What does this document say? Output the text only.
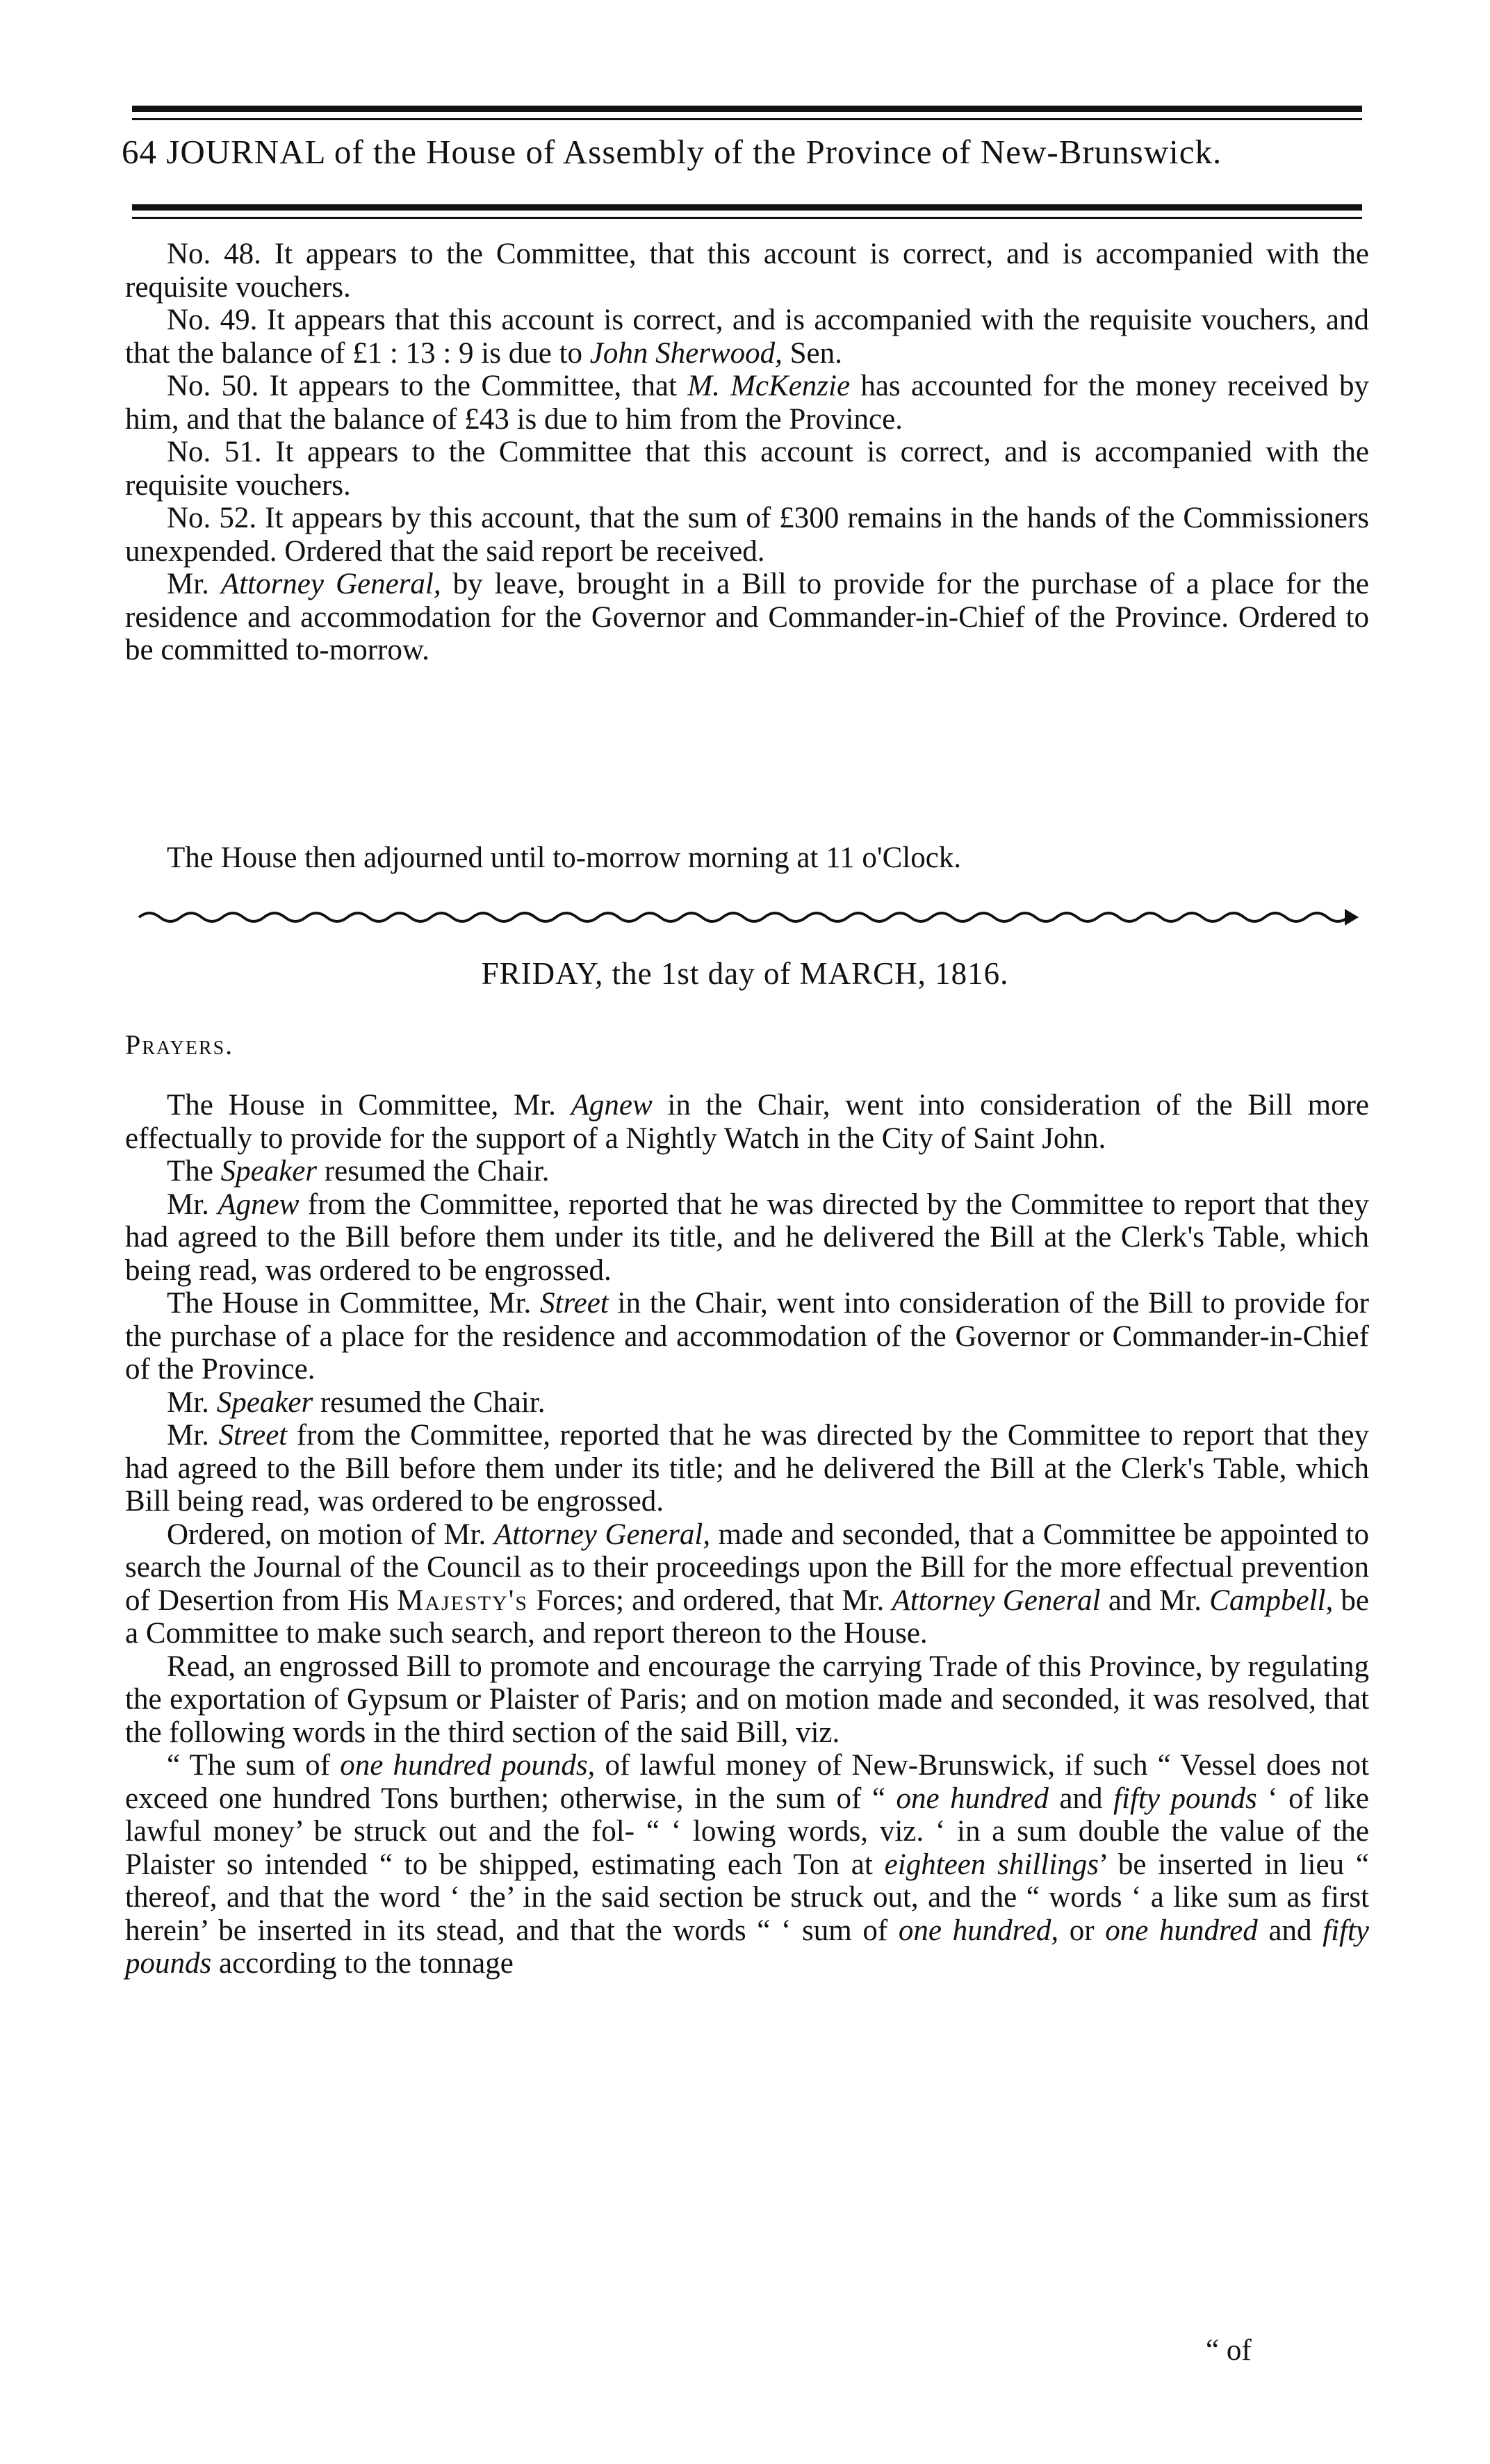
64 JOURNAL of the House of Assembly of the Province of New-Brunswick.

No. 48. It appears to the Committee, that this account is correct, and is accompanied with the requisite vouchers.

No. 49. It appears that this account is correct, and is accompanied with the requisite vouchers, and that the balance of £1 : 13 : 9 is due to John Sherwood, Sen.

No. 50. It appears to the Committee, that M. McKenzie has accounted for the money received by him, and that the balance of £43 is due to him from the Province.

No. 51. It appears to the Committee that this account is correct, and is accompanied with the requisite vouchers.

No. 52. It appears by this account, that the sum of £300 remains in the hands of the Commissioners unexpended. Ordered that the said report be received.

Mr. Attorney General, by leave, brought in a Bill to provide for the purchase of a place for the residence and accommodation for the Governor and Commander-in-Chief of the Province. Ordered to be committed to-morrow.

The House then adjourned until to-morrow morning at 11 o'Clock.
FRIDAY, the 1st day of MARCH, 1816.
Prayers.

The House in Committee, Mr. Agnew in the Chair, went into consideration of the Bill more effectually to provide for the support of a Nightly Watch in the City of Saint John.

The Speaker resumed the Chair.

Mr. Agnew from the Committee, reported that he was directed by the Committee to report that they had agreed to the Bill before them under its title, and he delivered the Bill at the Clerk's Table, which being read, was ordered to be engrossed.

The House in Committee, Mr. Street in the Chair, went into consideration of the Bill to provide for the purchase of a place for the residence and accommodation of the Governor or Commander-in-Chief of the Province.

Mr. Speaker resumed the Chair.

Mr. Street from the Committee, reported that he was directed by the Committee to report that they had agreed to the Bill before them under its title; and he delivered the Bill at the Clerk's Table, which Bill being read, was ordered to be engrossed.

Ordered, on motion of Mr. Attorney General, made and seconded, that a Committee be appointed to search the Journal of the Council as to their proceedings upon the Bill for the more effectual prevention of Desertion from His Majesty's Forces; and ordered, that Mr. Attorney General and Mr. Campbell, be a Committee to make such search, and report thereon to the House.

Read, an engrossed Bill to promote and encourage the carrying Trade of this Province, by regulating the exportation of Gypsum or Plaister of Paris; and on motion made and seconded, it was resolved, that the following words in the third section of the said Bill, viz.

“ The sum of one hundred pounds, of lawful money of New-Brunswick, if such “ Vessel does not exceed one hundred Tons burthen; otherwise, in the sum of “ one hundred and fifty pounds ‘ of like lawful money’ be struck out and the fol- “ ‘ lowing words, viz. ‘ in a sum double the value of the Plaister so intended “ to be shipped, estimating each Ton at eighteen shillings’ be inserted in lieu “ thereof, and that the word ‘ the’ in the said section be struck out, and the “ words ‘ a like sum as first herein’ be inserted in its stead, and that the words “ ‘ sum of one hundred, or one hundred and fifty pounds according to the tonnage

“ of
